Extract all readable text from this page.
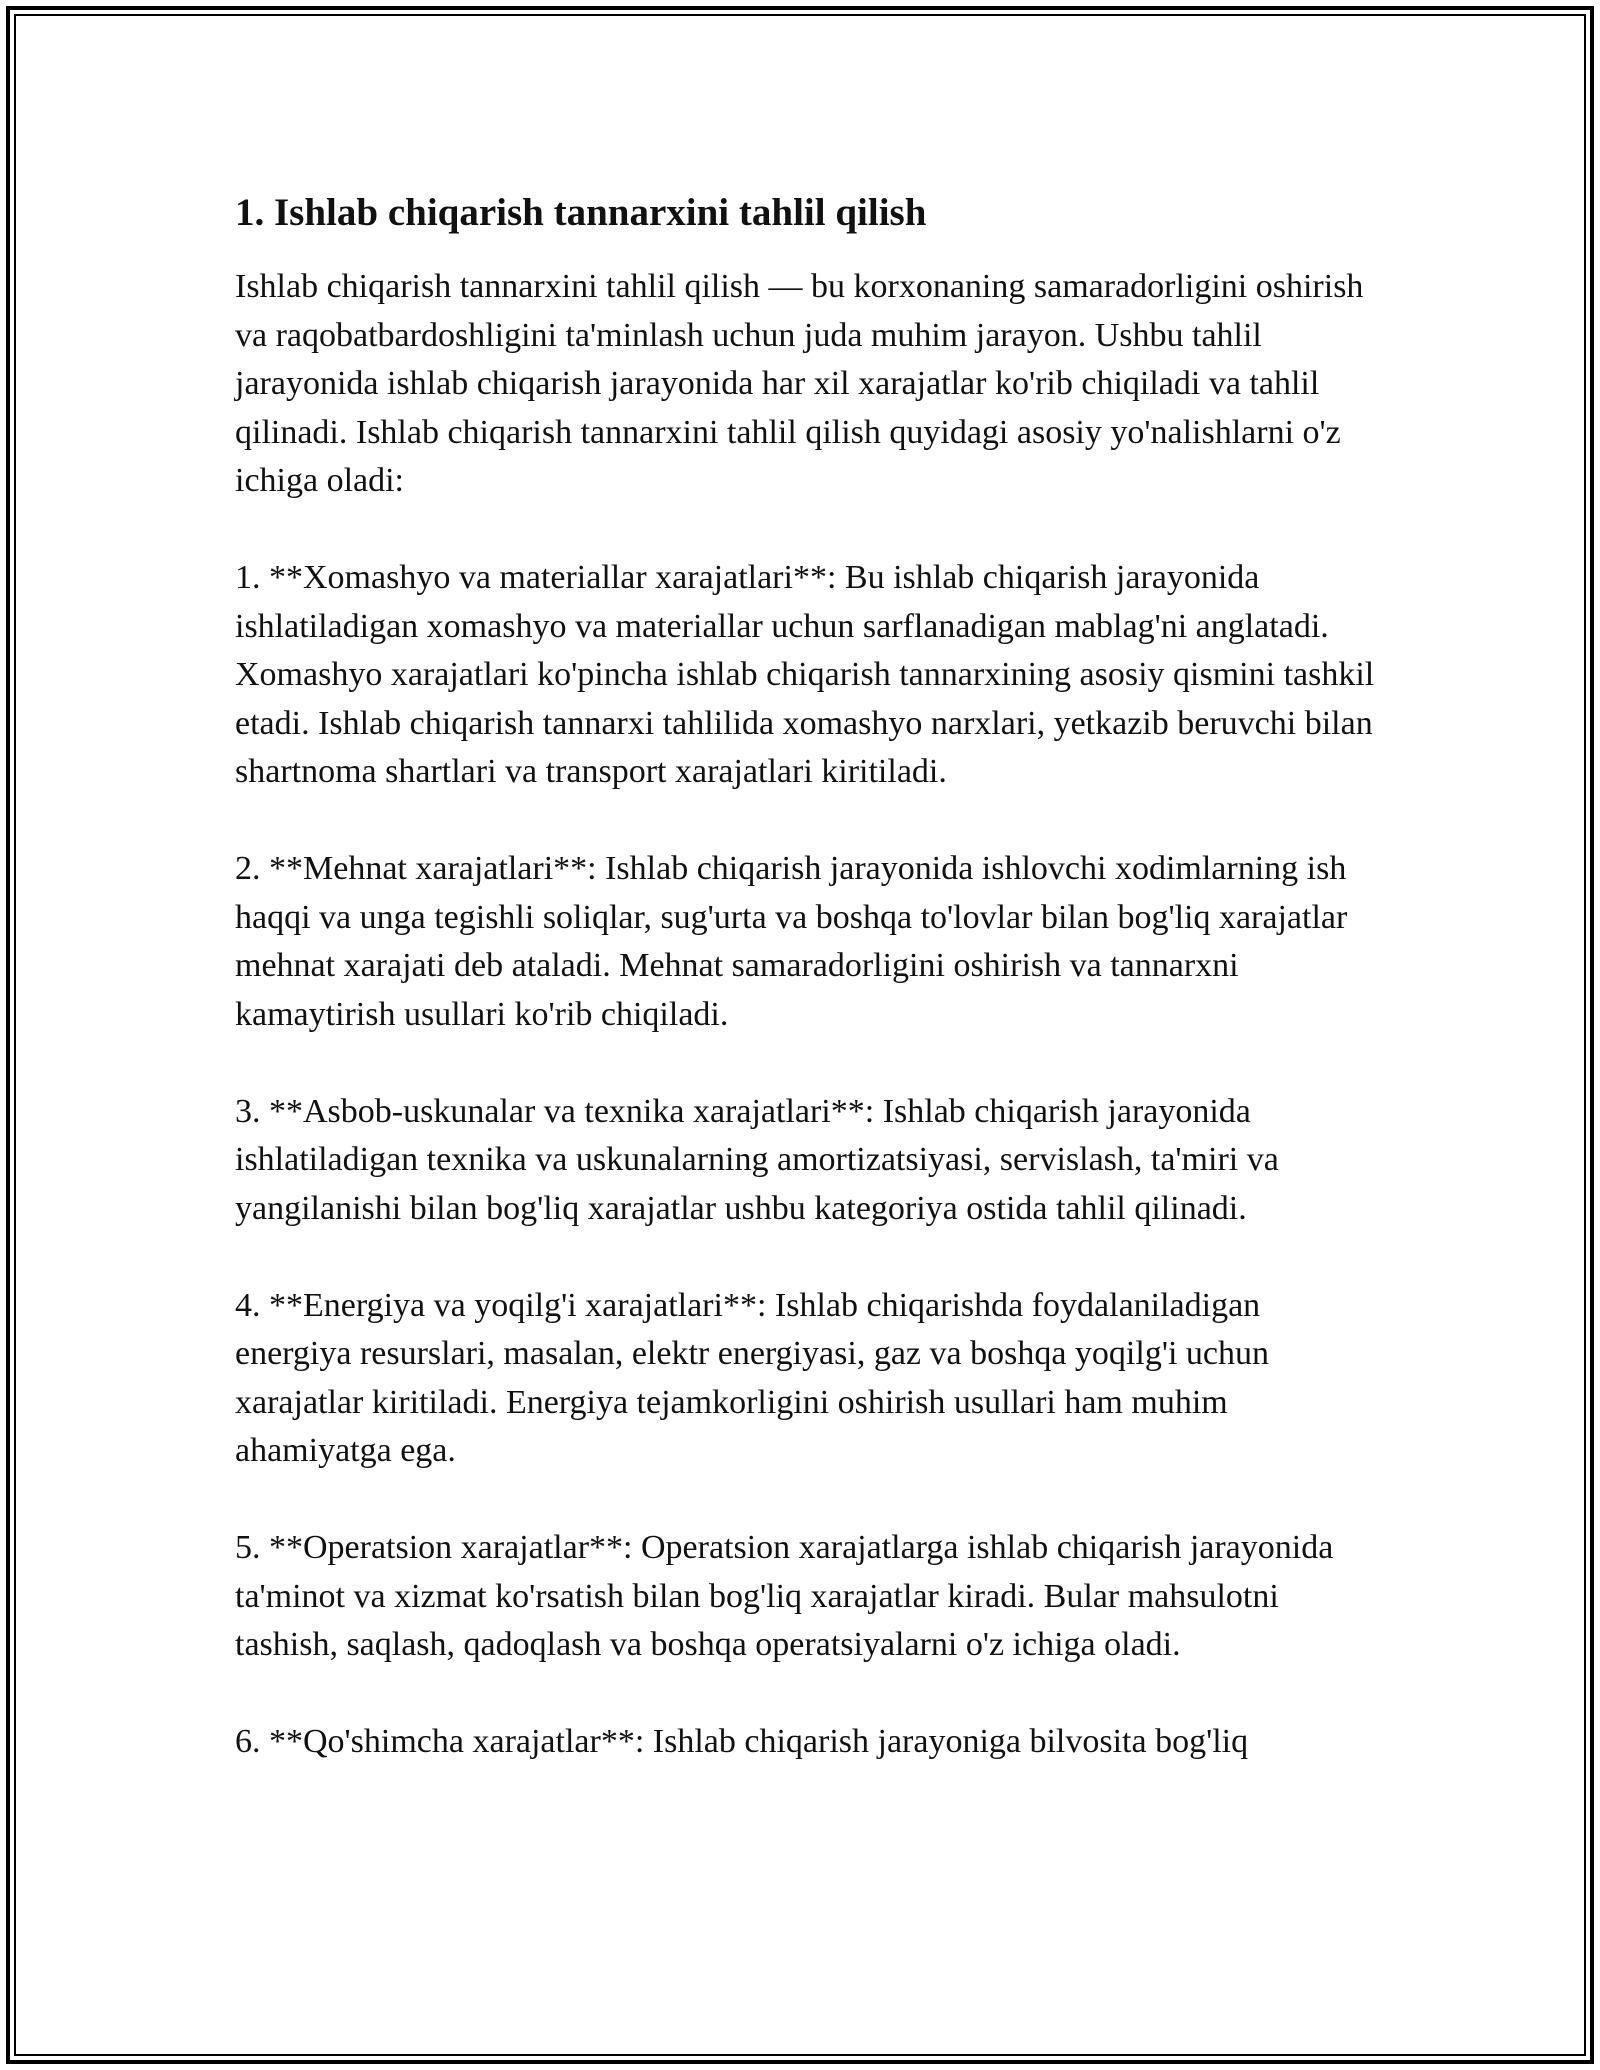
1. Ishlab chiqarish tannarxini tahlil qilish

Ishlab chiqarish tannarxini tahlil qilish — bu korxonaning samaradorligini oshirish va raqobatbardoshligini ta'minlash uchun juda muhim jarayon. Ushbu tahlil jarayonida ishlab chiqarish jarayonida har xil xarajatlar ko'rib chiqiladi va tahlil qilinadi. Ishlab chiqarish tannarxini tahlil qilish quyidagi asosiy yo'nalishlarni o'z ichiga oladi:

1. **Xomashyo va materiallar xarajatlari**: Bu ishlab chiqarish jarayonida ishlatiladigan xomashyo va materiallar uchun sarflanadigan mablag'ni anglatadi. Xomashyo xarajatlari ko'pincha ishlab chiqarish tannarxining asosiy qismini tashkil etadi. Ishlab chiqarish tannarxi tahlilida xomashyo narxlari, yetkazib beruvchi bilan shartnoma shartlari va transport xarajatlari kiritiladi.

2. **Mehnat xarajatlari**: Ishlab chiqarish jarayonida ishlovchi xodimlarning ish haqqi va unga tegishli soliqlar, sug'urta va boshqa to'lovlar bilan bog'liq xarajatlar mehnat xarajati deb ataladi. Mehnat samaradorligini oshirish va tannarxni kamaytirish usullari ko'rib chiqiladi.

3. **Asbob-uskunalar va texnika xarajatlari**: Ishlab chiqarish jarayonida ishlatiladigan texnika va uskunalarning amortizatsiyasi, servislash, ta'miri va yangilanishi bilan bog'liq xarajatlar ushbu kategoriya ostida tahlil qilinadi.

4. **Energiya va yoqilg'i xarajatlari**: Ishlab chiqarishda foydalaniladigan energiya resurslari, masalan, elektr energiyasi, gaz va boshqa yoqilg'i uchun xarajatlar kiritiladi. Energiya tejamkorligini oshirish usullari ham muhim ahamiyatga ega.

5. **Operatsion xarajatlar**: Operatsion xarajatlarga ishlab chiqarish jarayonida ta'minot va xizmat ko'rsatish bilan bog'liq xarajatlar kiradi. Bular mahsulotni tashish, saqlash, qadoqlash va boshqa operatsiyalarni o'z ichiga oladi.

6. **Qo'shimcha xarajatlar**: Ishlab chiqarish jarayoniga bilvosita bog'liq
